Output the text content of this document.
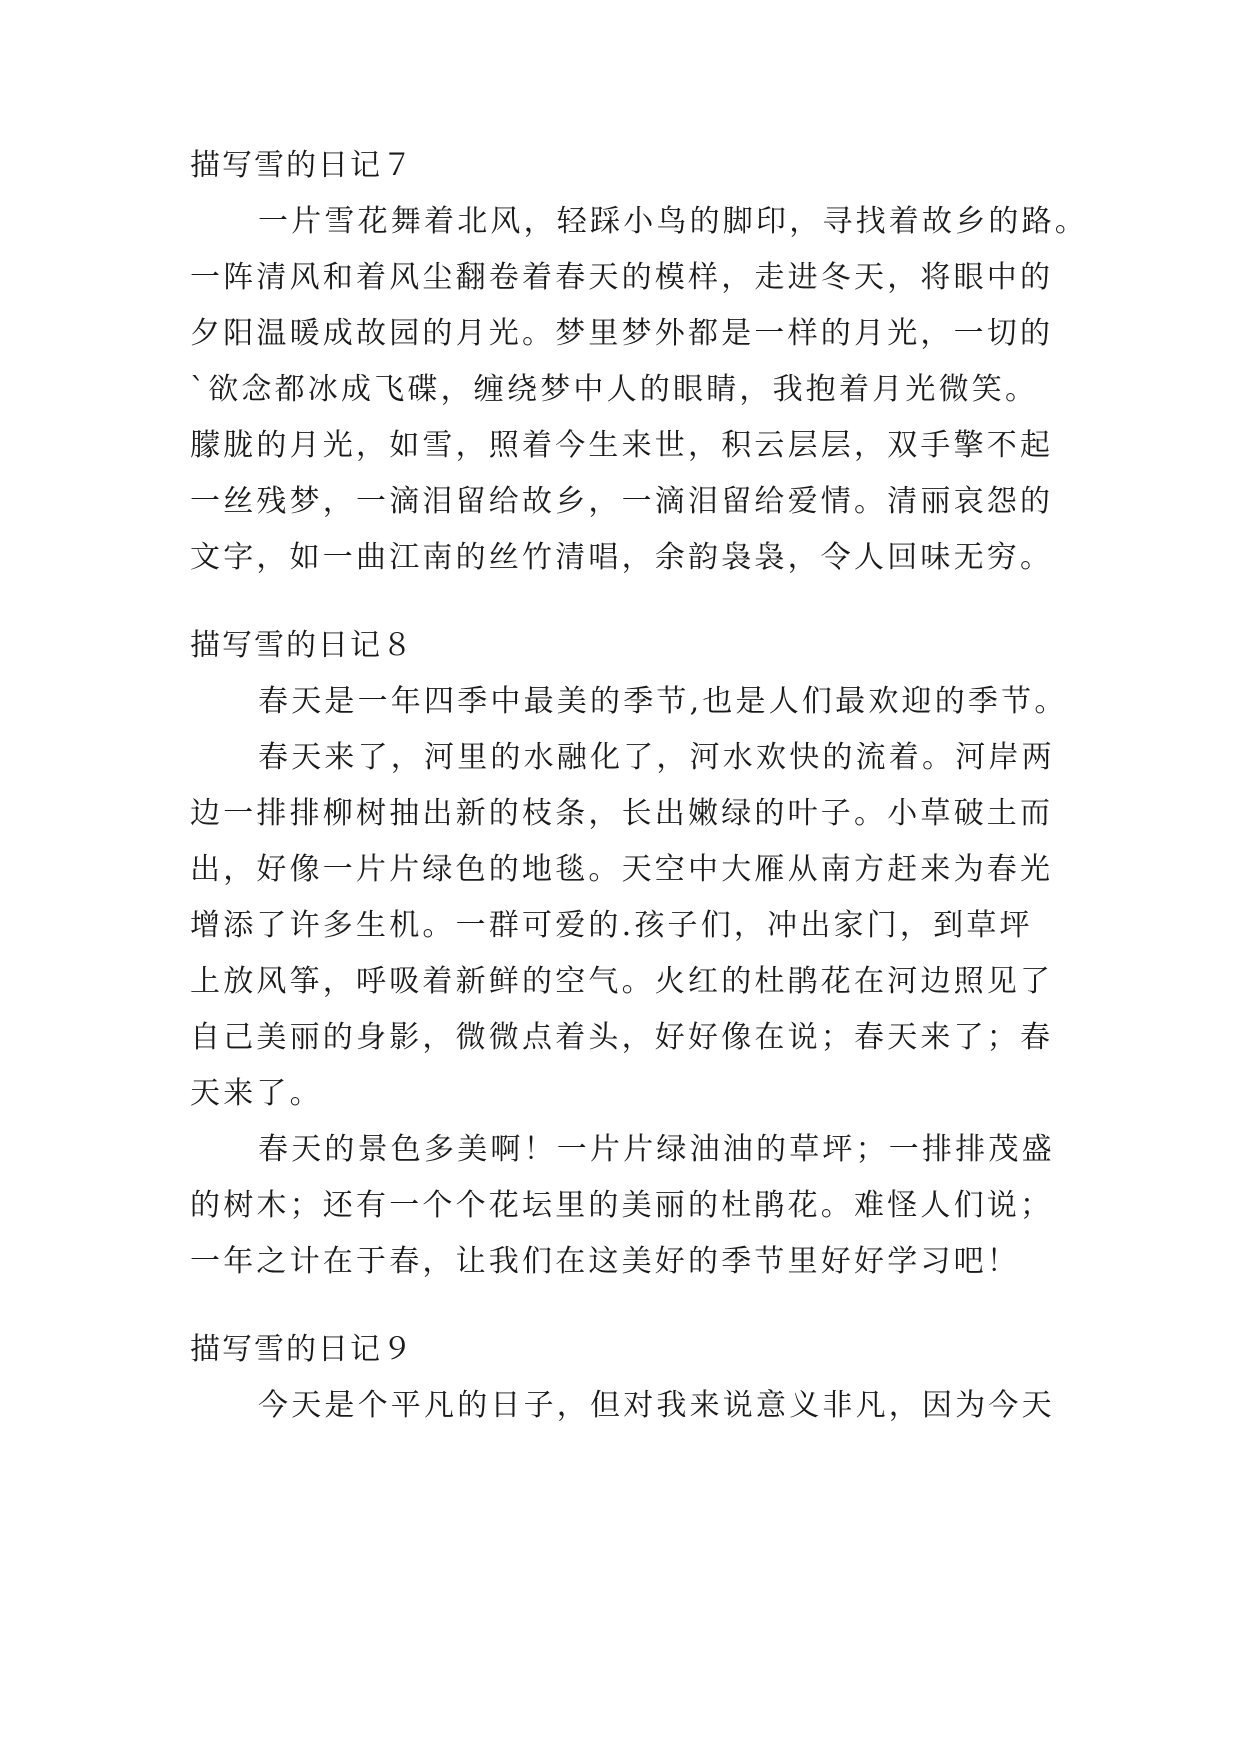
描写雪的日记７
一片雪花舞着北风，轻踩小鸟的脚印，寻找着故乡的路。
一阵清风和着风尘翻卷着春天的模样，走进冬天，将眼中的
夕阳温暖成故园的月光。梦里梦外都是一样的月光，一切的
`欲念都冰成飞碟，缠绕梦中人的眼睛，我抱着月光微笑。
朦胧的月光，如雪，照着今生来世，积云层层，双手擎不起
一丝残梦，一滴泪留给故乡，一滴泪留给爱情。清丽哀怨的
文字，如一曲江南的丝竹清唱，余韵袅袅，令人回味无穷。
描写雪的日记８
春天是一年四季中最美的季节,也是人们最欢迎的季节。
春天来了，河里的水融化了，河水欢快的流着。河岸两
边一排排柳树抽出新的枝条，长出嫩绿的叶子。小草破土而
出，好像一片片绿色的地毯。天空中大雁从南方赶来为春光
增添了许多生机。一群可爱的.孩子们，冲出家门，到草坪
上放风筝，呼吸着新鲜的空气。火红的杜鹃花在河边照见了
自己美丽的身影，微微点着头，好好像在说；春天来了；春
天来了。
春天的景色多美啊！一片片绿油油的草坪；一排排茂盛
的树木；还有一个个花坛里的美丽的杜鹃花。难怪人们说；
一年之计在于春，让我们在这美好的季节里好好学习吧！
描写雪的日记９
今天是个平凡的日子，但对我来说意义非凡，因为今天
